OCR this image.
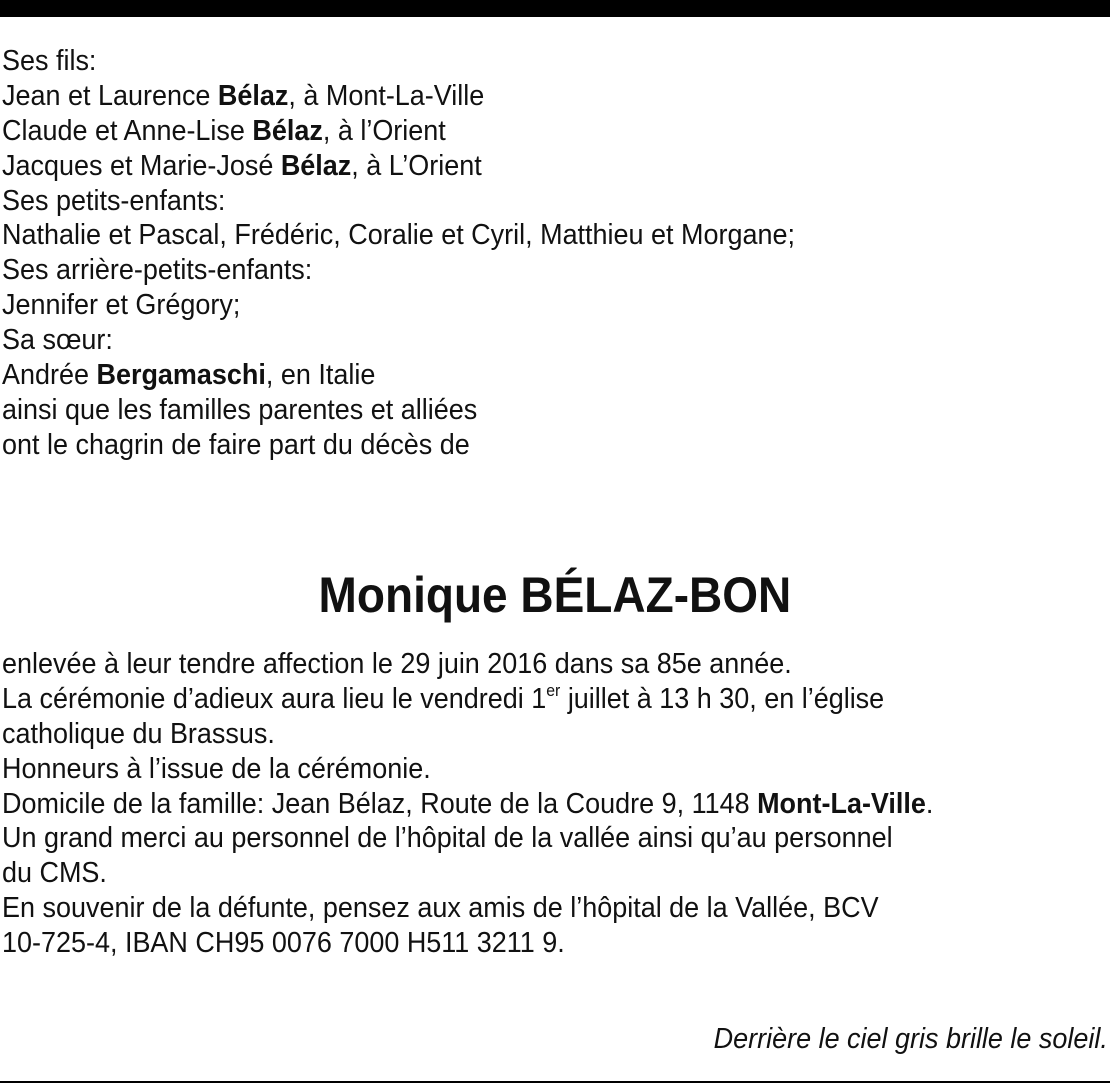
Ses fils:
Jean et Laurence Bélaz, à Mont-La-Ville
Claude et Anne-Lise Bélaz, à l’Orient
Jacques et Marie-José Bélaz, à L’Orient
Ses petits-enfants:
Nathalie et Pascal, Frédéric, Coralie et Cyril, Matthieu et Morgane;
Ses arrière-petits-enfants:
Jennifer et Grégory;
Sa sœur:
Andrée Bergamaschi, en Italie
ainsi que les familles parentes et alliées
ont le chagrin de faire part du décès de
Monique BÉLAZ-BON
enlevée à leur tendre affection le 29 juin 2016 dans sa 85e année.
La cérémonie d’adieux aura lieu le vendredi 1er juillet à 13 h 30, en l’église
catholique du Brassus.
Honneurs à l’issue de la cérémonie.
Domicile de la famille: Jean Bélaz, Route de la Coudre 9, 1148 Mont-La-Ville.
Un grand merci au personnel de l’hôpital de la vallée ainsi qu’au personnel
du CMS.
En souvenir de la défunte, pensez aux amis de l’hôpital de la Vallée, BCV
10-725-4, IBAN CH95 0076 7000 H511 3211 9.
Derrière le ciel gris brille le soleil.
